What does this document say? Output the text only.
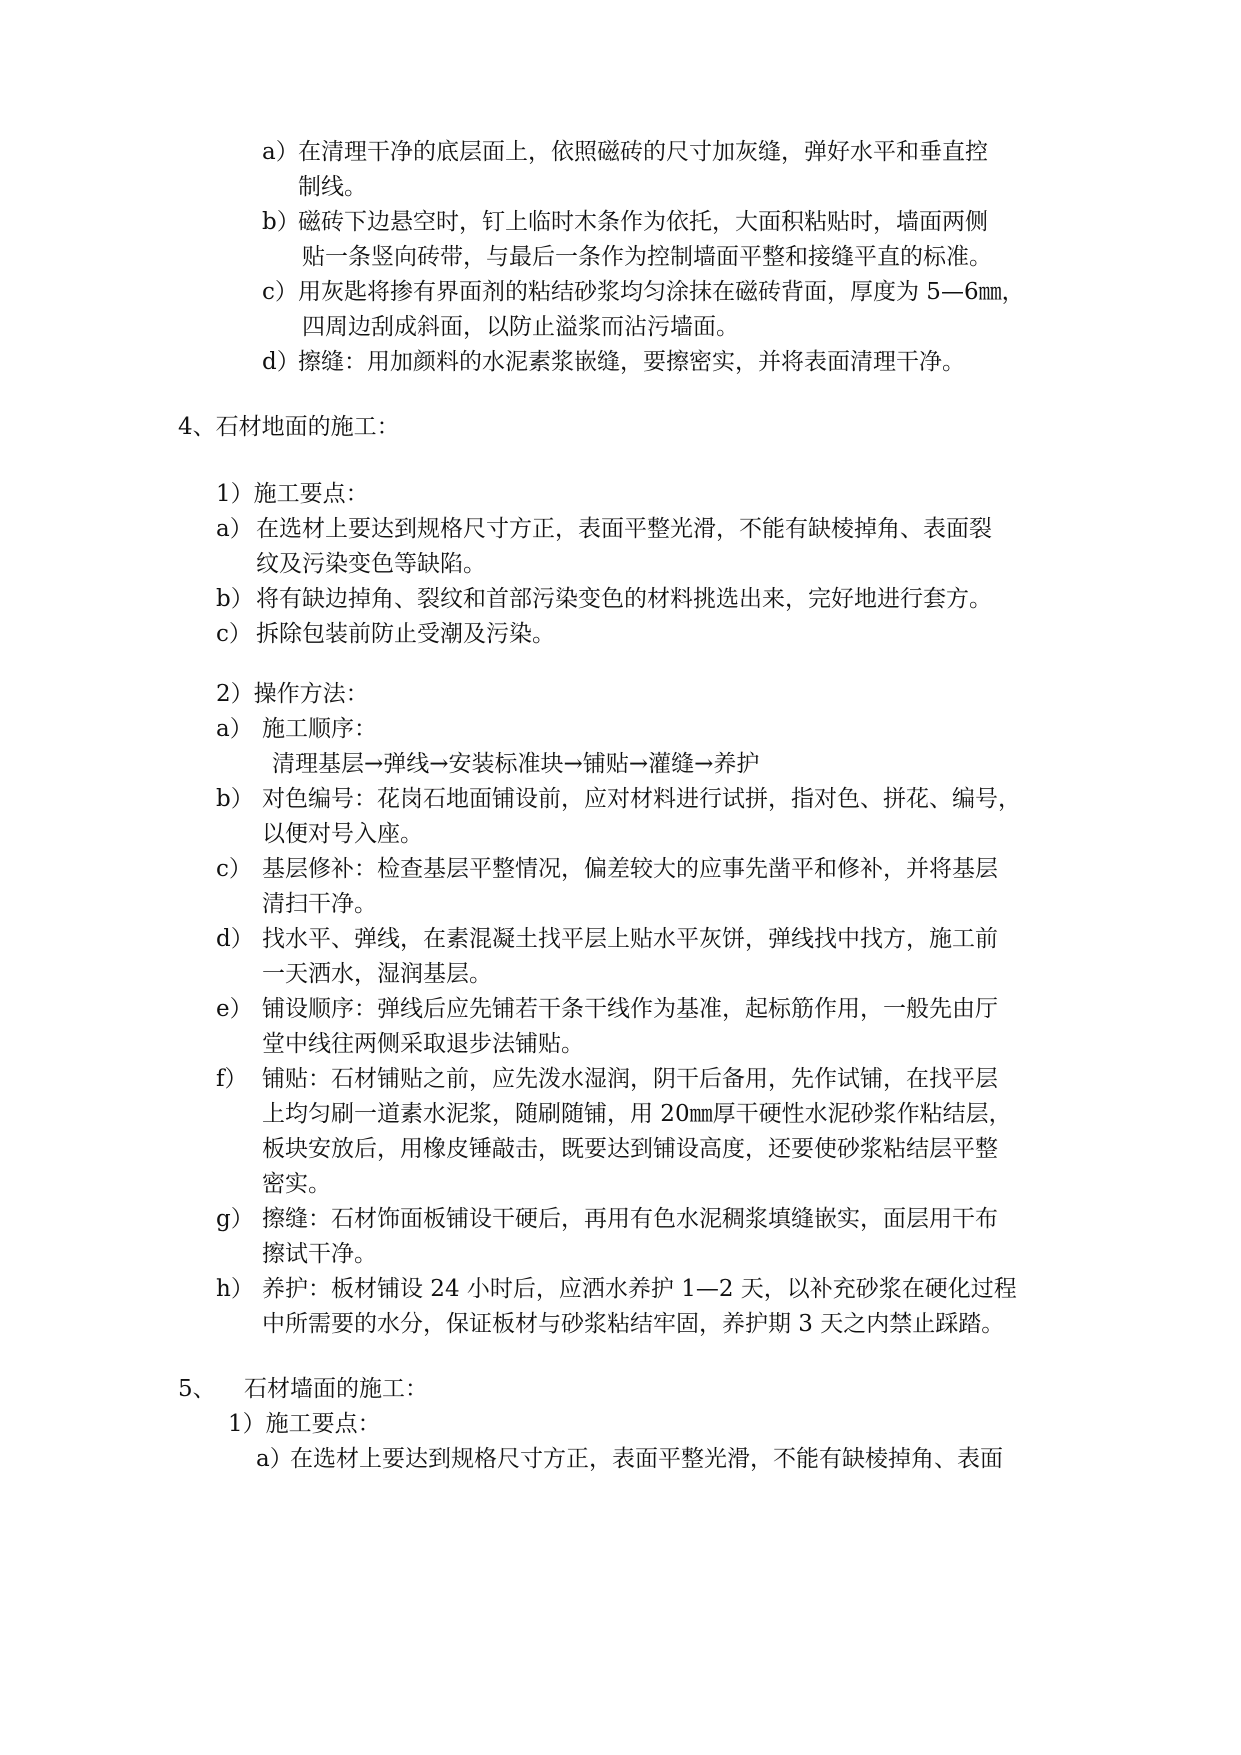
a） 在清理干净的底层面上，依照磁砖的尺寸加灰缝，弹好水平和垂直控
制线。
b）
磁砖下边悬空时，钉上临时木条作为依托，大面积粘贴时，墙面两侧
贴一条竖向砖带，与最后一条作为控制墙面平整和接缝平直的标准。
c） 用灰匙将掺有界面剂的粘结砂浆均匀涂抹在磁砖背面，厚度为 5—6㎜，
四周边刮成斜面，以防止溢浆而沾污墙面。
d）
擦缝：用加颜料的水泥素浆嵌缝，要擦密实，并将表面清理干净。
4、石材地面的施工：
1）施工要点：
a） 在选材上要达到规格尺寸方正，表面平整光滑，不能有缺棱掉角、表面裂
纹及污染变色等缺陷。
b） 将有缺边掉角、裂纹和首部污染变色的材料挑选出来，完好地进行套方。
c） 拆除包装前防止受潮及污染。
2）操作方法：
a） 施工顺序：
清理基层→弹线→安装标准块→铺贴→灌缝→养护
b） 对色编号：花岗石地面铺设前，应对材料进行试拼，指对色、拼花、编号，
以便对号入座。
c） 基层修补：检查基层平整情况，偏差较大的应事先凿平和修补，并将基层
清扫干净。
d） 找水平、弹线，在素混凝土找平层上贴水平灰饼，弹线找中找方，施工前
一天洒水，湿润基层。
e） 铺设顺序：弹线后应先铺若干条干线作为基准，起标筋作用，一般先由厅
堂中线往两侧采取退步法铺贴。
f） 铺贴：石材铺贴之前，应先泼水湿润，阴干后备用，先作试铺，在找平层
上均匀刷一道素水泥浆，随刷随铺，用 20㎜厚干硬性水泥砂浆作粘结层，
板块安放后，用橡皮锤敲击，既要达到铺设高度，还要使砂浆粘结层平整
密实。
g） 擦缝：石材饰面板铺设干硬后，再用有色水泥稠浆填缝嵌实，面层用干布
擦试干净。
h） 养护：板材铺设 24 小时后，应洒水养护 1—2 天，以补充砂浆在硬化过程
中所需要的水分，保证板材与砂浆粘结牢固，养护期 3 天之内禁止踩踏。
5、 石材墙面的施工：
1）施工要点：
a）
在选材上要达到规格尺寸方正，表面平整光滑，不能有缺棱掉角、表面
